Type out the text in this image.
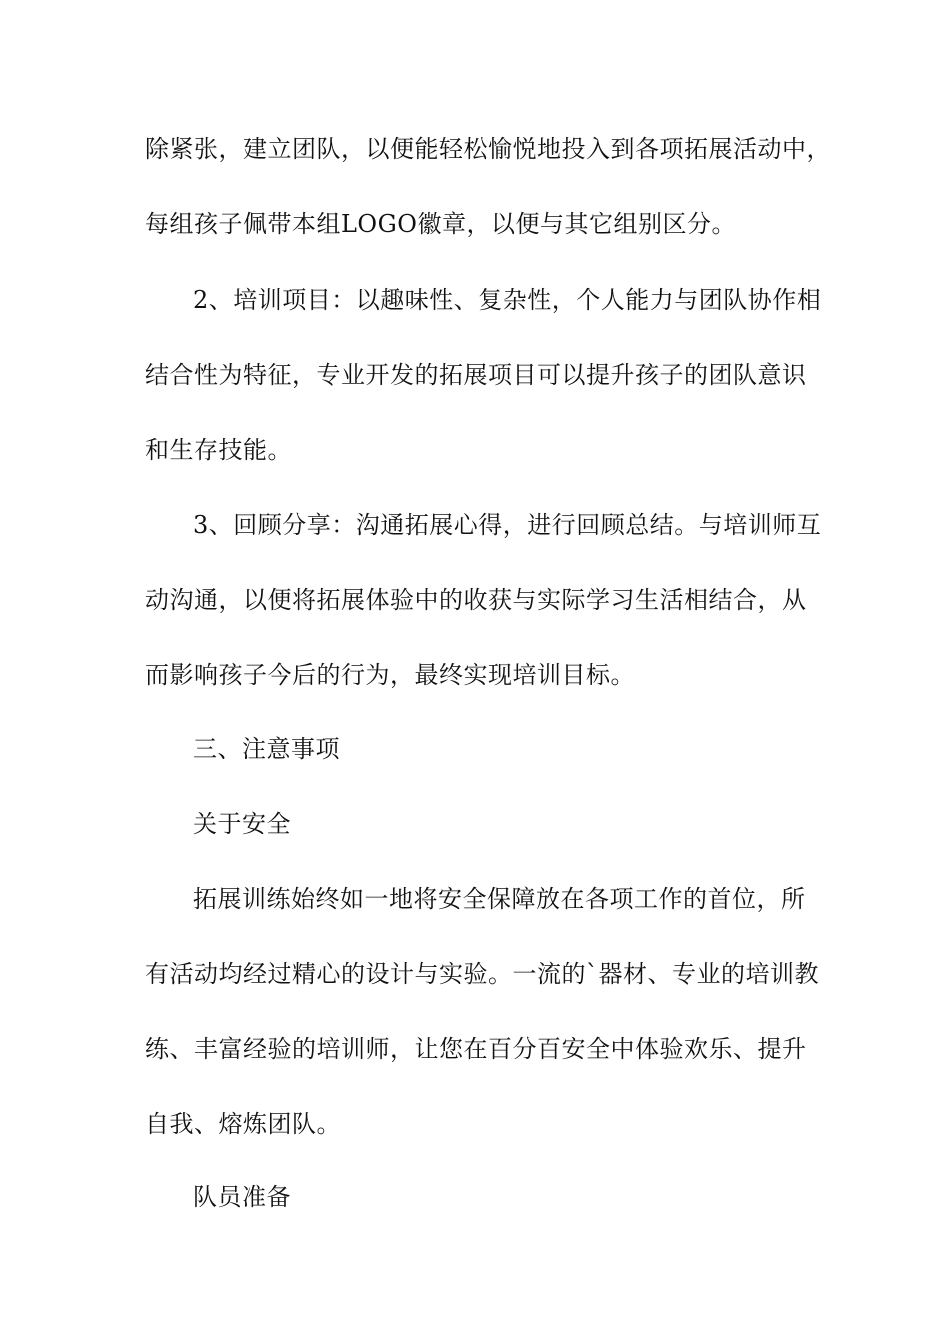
除紧张，建立团队，以便能轻松愉悦地投入到各项拓展活动中，

每组孩子佩带本组LOGO徽章，以便与其它组别区分。

2、培训项目：以趣味性、复杂性，个人能力与团队协作相

结合性为特征，专业开发的拓展项目可以提升孩子的团队意识

和生存技能。

3、回顾分享：沟通拓展心得，进行回顾总结。与培训师互

动沟通，以便将拓展体验中的收获与实际学习生活相结合，从

而影响孩子今后的行为，最终实现培训目标。

三、注意事项

关于安全

拓展训练始终如一地将安全保障放在各项工作的首位，所

有活动均经过精心的设计与实验。一流的`器材、专业的培训教

练、丰富经验的培训师，让您在百分百安全中体验欢乐、提升

自我、熔炼团队。

队员准备
